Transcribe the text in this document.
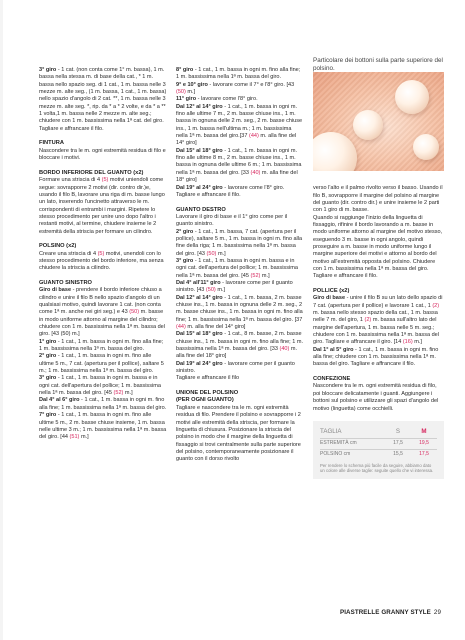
3° giro - 1 cat. (non conta come 1° m. bassa), 1 m. bassa nella stessa m. di base della cat., * 1 m. bassa nello spazio seg. di 1 cat., 1 m. bassa nelle 3 mezze m. alte seg., (1 m. bassa, 1 cat., 1 m. bassa) nello spazio d'angolo di 2 cat. **, 1 m. bassa nelle 3 mezze m. alte seg. *, rip. da * a * 2 volte, e da * a ** 1 volta,1 m. bassa nelle 2 mezze m. alte seg.; chiudere con 1 m. bassissima nella 1ª cat. del giro. Tagliare e affrancare il filo.

FINTURA

Nascondere tra le m. ogni estremità residua di filo e bloccare i motivi.

BORDO INFERIORE DEL GUANTO (x2)

Formare una striscia di 4 (5) motivi uniendoli come segue: sovrapporre 2 motivi (dir. contro dir.)e, usando il filo B, lavorare una riga di m. basse lungo un lato, inserendo l'uncinetto attraverso le m. corrispondenti di entrambi i margini. Ripetere lo stesso procedimento per unire uno dopo l'altro i restanti motivi, al termine, chiudere insieme le 2 estremità della striscia per formare un cilindro.

POLSINO (x2)

Creare una striscia di 4 (5) motivi, unendoli con lo stesso procedimento del bordo inferiore, ma senza chiudere la striscia a cilindro.

GUANTO SINISTRO

Giro di base - prendere il bordo inferiore chiuso a cilindro e unire il filo B nello spazio d'angolo di un qualsiasi motivo, quindi lavorare 1 cat. (non conta come 1ª m. anche nei giri seg.) e 43 (50) m. basse in modo uniforme attorno al margine del cilindro; chiudere con 1 m. bassissima nella 1ª m. bassa del giro. [43 (50) m.]

1° giro - 1 cat., 1 m. bassa in ogni m. fino alla fine; 1 m. bassissima nella 1ª m. bassa del giro.

2° giro - 1 cat., 1 m. bassa in ogni m. fino alle ultime 5 m., 7 cat. (apertura per il pollice), saltare 5 m.; 1 m. bassissima nella 1ª m. bassa del giro.

3° giro - 1 cat., 1 m. bassa in ogni m. bassa e in ogni cat. dell'apertura del pollice; 1 m. bassissima nella 1ª m. bassa del giro. [45 (52) m.]

Dal 4° al 6° giro - 1 cat., 1 m. bassa in ogni m. fino alla fine; 1 m. bassissima nella 1ª m. bassa del giro.

7° giro - 1 cat., 1 m. bassa in ogni m. fino alle ultime 5 m., 2 m. basse chiuse insieme, 1 m. bassa nelle ultime 3 m.; 1 m. bassissima nella 1ª m. bassa del giro. [44 (51) m.]

8° giro - 1 cat., 1 m. bassa in ogni m. fino alla fine; 1 m. bassissima nella 1ª m. bassa del giro.

9° e 10° giro - lavorare come il 7° e l'8° giro. [43 (50) m.]

11° giro - lavorare come l'8° giro.

Dal 12° al 14° giro - 1 cat., 1 m. bassa in ogni m. fino alle ultime 7 m., 2 m. basse chiuse ins., 1 m. bassa in ognuna delle 2 m. seg., 2 m. basse chiuse ins., 1 m. bassa nell'ultima m.; 1 m. bassissima nella 1ª m. bassa del giro.[37 (44) m. alla fine del 14° giro]

Dal 15° al 18° giro - 1 cat., 1 m. bassa in ogni m. fino alle ultime 8 m., 2 m. basse chiuse ins., 1 m. bassa in ognuna delle ultime 6 m.; 1 m. bassissima nella 1ª m. bassa del giro. [33 (40) m. alla fine del 18° giro]

Dal 19° al 24° giro - lavorare come l'8° giro.

Tagliare e affrancare il filo.

GUANTO DESTRO

Lavorare il giro di base e il 1° giro come per il guanto sinistro.

2° giro - 1 cat., 1 m. bassa, 7 cat. (apertura per il pollice), saltare 5 m., 1 m. bassa in ogni m. fino alla fine della riga; 1 m. bassissima nella 1ª m. bassa del giro. [43 (50) m.]

3° giro - 1 cat., 1 m. bassa in ogni m. bassa e in ogni cat. dell'apertura del pollice; 1 m. bassissima nella 1ª m. bassa del giro. [45 (52) m.]

Dal 4° all'11° giro - lavorare come per il guanto sinistro. [43 (50) m.]

Dal 12° al 14° giro - 1 cat., 1 m. bassa, 2 m. basse chiuse ins., 1 m. bassa in ognuna delle 2 m. seg., 2 m. basse chiuse ins., 1 m. bassa in ogni m. fino alla fine; 1 m. bassissima nella 1ª m. bassa del giro. [37 (44) m. alla fine del 14° giro]

Dal 15° al 18° giro - 1 cat., 8 m. basse, 2 m. basse chiuse ins., 1 m. bassa in ogni m. fino alla fine; 1 m. bassissima nella 1ª m. bassa del giro. [33 (40) m. alla fine del 18° giro]

Dal 19° al 24° giro - lavorare come per il guanto sinistro.

Tagliare e affrancare il filo

UNIONE DEL POLSINO
(PER OGNI GUANTO)

Tagliare e nascondere tra le m. ogni estremità residua di filo. Prendere il polsino e sovrapporre i 2 motivi alle estremità della striscia, per formare la linguetta di chiusura. Posizionare la striscia del polsino in modo che il margine della linguetta di fissaggio si trovi centralmente sulla parte superiore del polsino, contemporaneamente posizionare il guanto con il dorso rivolto

Particolare dei bottoni sulla parte superiore del polsino.

verso l'alto e il palmo rivolto verso il basso. Usando il filo B, sovrapporre il margine del polsino al margine del guanto (dir. contro dir.) e unire insieme le 2 parti con 1 giro di m. basse.

Quando si raggiunge l'inizio della linguetta di fissaggio, rifinire il bordo lavorando a m. basse in modo uniforme attorno al margine del motivo stesso, eseguendo 3 m. basse in ogni angolo, quindi proseguire a m. basse in modo uniforme lungo il margine superiore dei motivi e attorno al bordo del motivo all'estremità opposta del polsino. Chiudere con 1 m. bassissima nella 1ª m. bassa del giro. Tagliare e affrancare il filo.

POLLICE (x2)

Giro di base - unire il filo B su un lato dello spazio di 7 cat. (apertura per il pollice) e lavorare 1 cat., 1 (2) m. bassa nello stesso spazio della cat., 1 m. bassa nelle 7 m. del giro, 1 (2) m. bassa sull'altro lato del margine dell'apertura, 1 m. bassa nelle 5 m. seg.; chiudere con 1 m. bassissima nella 1ª m. bassa del giro. Tagliare e affrancare il giro. [14 (16) m.]

Dal 1° al 5° giro - 1 cat., 1 m. bassa in ogni m. fino alla fine; chiudere con 1 m. bassissima nella 1ª m. bassa del giro. Tagliare e affrancare il filo.

CONFEZIONE

Nascondere tra le m. ogni estremità residua di filo, poi bloccare delicatamente i guanti. Aggiungere i bottoni sul polsino e utilizzare gli spazi d'angolo del motivo (linguetta) come occhielli.

TAGLIA	S	M
ESTREMITÀ cm	17,5	19,5
POLSINO cm	15,5	17,5

Per rendere lo schema più facile da seguire, abbiamo dato un colore alle diverse taglie: seguite quello che vi interessa.

PIASTRELLE GRANNY STYLE 29
